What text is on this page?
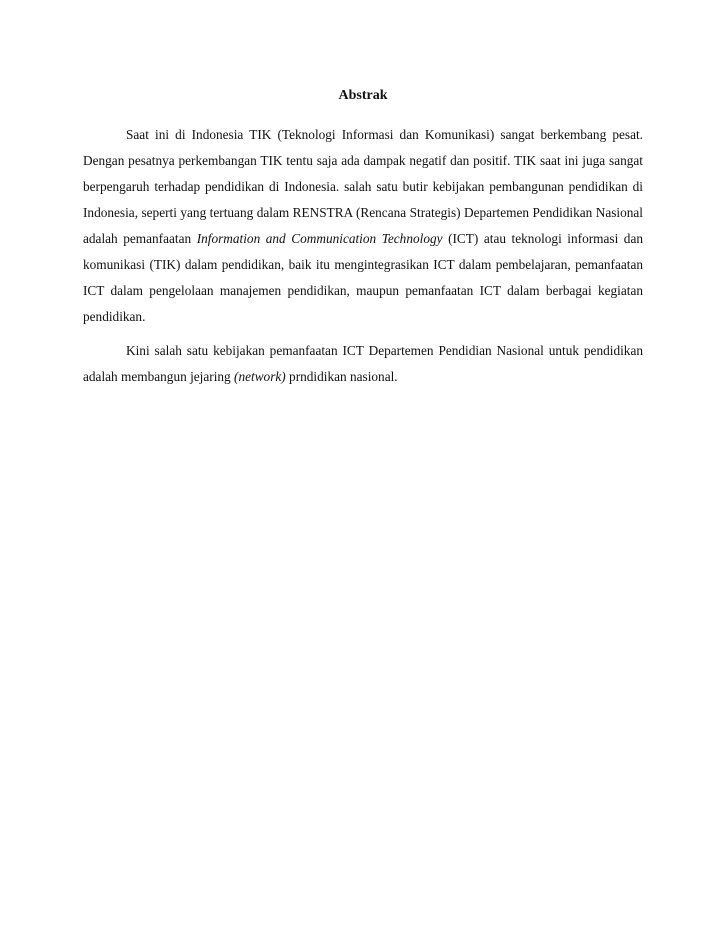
Abstrak

Saat ini di Indonesia TIK (Teknologi Informasi dan Komunikasi) sangat berkembang pesat. Dengan pesatnya perkembangan TIK tentu saja ada dampak negatif dan positif. TIK saat ini juga sangat berpengaruh terhadap pendidikan di Indonesia. salah satu butir kebijakan pembangunan pendidikan di Indonesia, seperti yang tertuang dalam RENSTRA (Rencana Strategis) Departemen Pendidikan Nasional adalah pemanfaatan Information and Communication Technology (ICT) atau teknologi informasi dan komunikasi (TIK) dalam pendidikan, baik itu mengintegrasikan ICT dalam pembelajaran, pemanfaatan ICT dalam pengelolaan manajemen pendidikan, maupun pemanfaatan ICT dalam berbagai kegiatan pendidikan.

Kini salah satu kebijakan pemanfaatan ICT Departemen Pendidian Nasional untuk pendidikan adalah membangun jejaring (network) prndidikan nasional.
